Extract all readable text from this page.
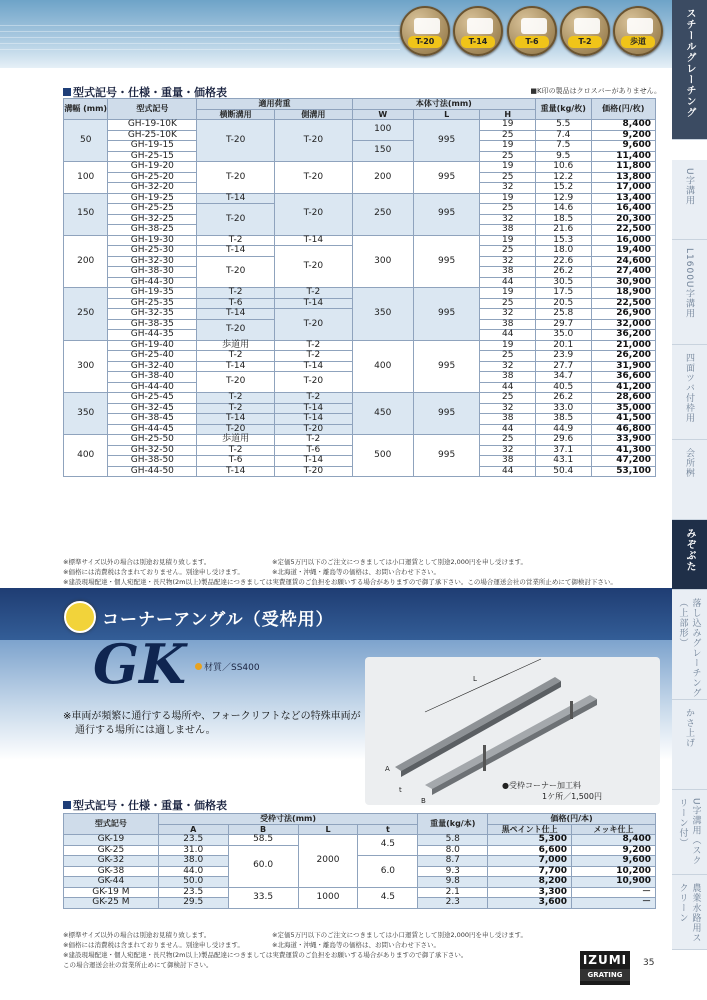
T-20	T-14	T-6	T-2	歩道	スチールグレーチング
U字溝用
L1600U字溝用
四面ツバ付枠用
会所桝
みぞぶた
落し込みグレーチング（上部形）
かさ上げ
U字溝用（スクリーン付）
農業水路用スクリーン
型式記号・仕様・重量・価格表	■K印の製品はクロスバーがありません。
溝幅 (mm)	型式記号	適用荷重		本体寸法(mm)			重量(kg/枚)	価格(円/枚)
		横断溝用	側溝用	W	L	H		
50	GH-19-10K	T-20	T-20	100	995	19	5.5	8,400
	GH-25-10K					25	7.4	9,200
	GH-19-15			150		19	7.5	9,600
	GH-25-15					25	9.5	11,400
100	GH-19-20	T-20	T-20	200	995	19	10.6	11,800
	GH-25-20					25	12.2	13,800
	GH-32-20					32	15.2	17,000
150	GH-19-25	T-14	T-20	250	995	19	12.9	13,400
	GH-25-25	T-20				25	14.6	16,400
	GH-32-25					32	18.5	20,300
	GH-38-25					38	21.6	22,500
200	GH-19-30	T-2	T-14	300	995	19	15.3	16,000
	GH-25-30	T-14	T-20			25	18.0	19,400
	GH-32-30	T-20				32	22.6	24,600
	GH-38-30					38	26.2	27,400
	GH-44-30					44	30.5	30,900
250	GH-19-35	T-2	T-2	350	995	19	17.5	18,900
	GH-25-35	T-6	T-14			25	20.5	22,500
	GH-32-35	T-14	T-20			32	25.8	26,900
	GH-38-35	T-20				38	29.7	32,000
	GH-44-35					44	35.0	36,200
300	GH-19-40	歩道用	T-2	400	995	19	20.1	21,000
	GH-25-40	T-2	T-2			25	23.9	26,200
	GH-32-40	T-14	T-14			32	27.7	31,900
	GH-38-40	T-20	T-20			38	34.7	36,600
	GH-44-40					44	40.5	41,200
350	GH-25-45	T-2	T-2	450	995	25	26.2	28,600
	GH-32-45	T-2	T-14			32	33.0	35,000
	GH-38-45	T-14	T-14			38	38.5	41,500
	GH-44-45	T-20	T-20			44	44.9	46,800
400	GH-25-50	歩道用	T-2	500	995	25	29.6	33,900
	GH-32-50	T-2	T-6			32	37.1	41,300
	GH-38-50	T-6	T-14			38	43.1	47,200
	GH-44-50	T-14	T-20			44	50.4	53,100
※標準サイズ以外の場合は別途お見積り致します。
※価格には消費税は含まれておりません。別途申し受けます。
※建設現場配達・個人宛配達・長尺物(2m以上)製品配達につきましては実費運賃のご負担をお願いする場合がありますので御了承下さい。この場合運送会社の営業所止めにて御検討下さい。
※定価5万円以下のご注文につきましては小口運賃として別途2,000円を申し受けます。
※北海道・沖縄・離島等の価格は、お問い合わせ下さい。
コーナーアングル（受枠用）
GK	材質／SS400
※車両が頻繁に通行する場所や、フォークリフトなどの特殊車両が
通行する場所には適しません。
L
A
t
B
●受枠コーナー加工料
1ケ所／1,500円
型式記号・仕様・重量・価格表
型式記号	受枠寸法(mm)				重量(kg/本)	価格(円/本)	
	A	B	L	t		黒ペイント仕上	メッキ仕上
GK-19	23.5	58.5	2000	4.5	5.8	5,300	8,400
GK-25	31.0	60.0			8.0	6,600	9,200
GK-32	38.0			6.0	8.7	7,000	9,600
GK-38	44.0				9.3	7,700	10,200
GK-44	50.0				9.8	8,200	10,900
GK-19 M	23.5	33.5	1000	4.5	2.1	3,300	－
GK-25 M	29.5				2.3	3,600	－
※標準サイズ以外の場合は別途お見積り致します。
※価格には消費税は含まれておりません。別途申し受けます。
※建設現場配達・個人宛配達・長尺物(2m以上)製品配達につきましては実費運賃のご負担をお願いする場合がありますので御了承下さい。
この場合運送会社の営業所止めにて御検討下さい。
※定価5万円以下のご注文につきましては小口運賃として別途2,000円を申し受けます。
※北海道・沖縄・離島等の価格は、お問い合わせ下さい。
IZUMI
GRATING
35
